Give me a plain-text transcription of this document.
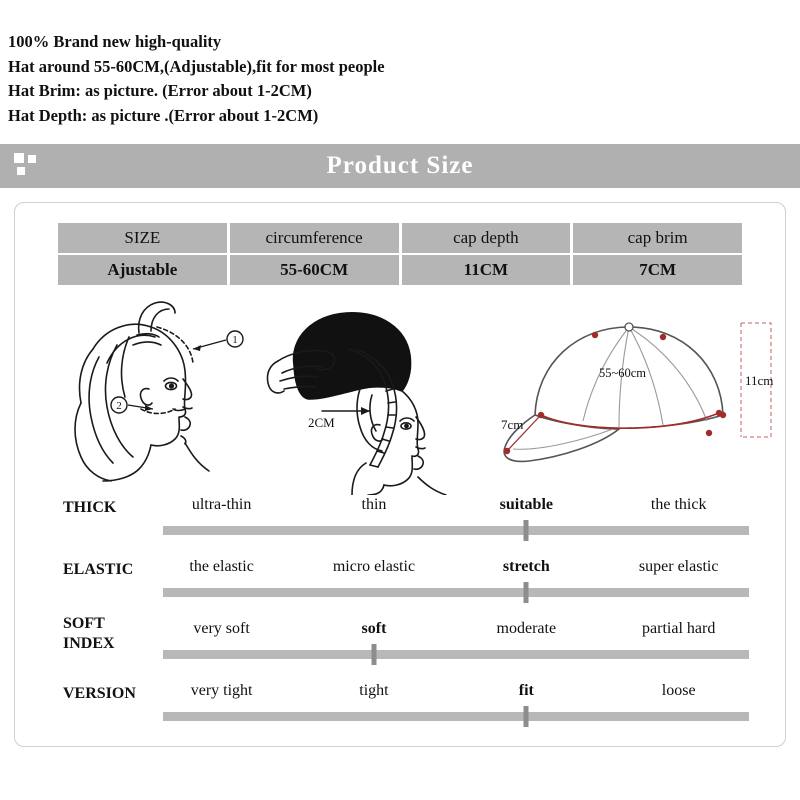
100% Brand new high-quality
Hat around 55-60CM,(Adjustable),fit for most people
Hat Brim: as picture. (Error about 1-2CM)
Hat Depth: as picture .(Error about 1-2CM)
Product Size
SIZE	circumference	cap depth	cap brim
Ajustable	55-60CM	11CM	7CM
1
2
2CM	7cm
55~60cm	11cm
THICK	ultra-thin	thin	suitable	the thick
ELASTIC	the elastic	micro elastic	stretch	super elastic
SOFT
INDEX
very soft	soft	moderate	partial hard
VERSION	very tight	tight	fit	loose
